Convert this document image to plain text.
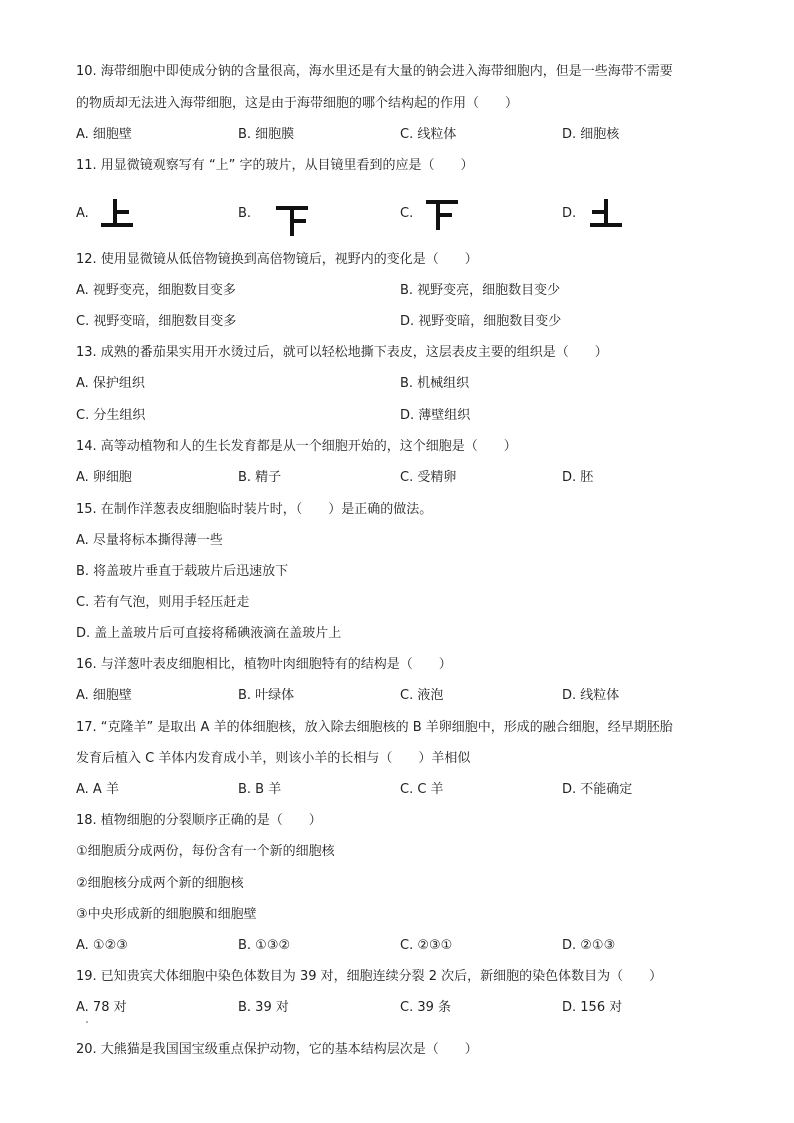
10. 海带细胞中即使成分钠的含量很高，海水里还是有大量的钠会进入海带细胞内，但是一些海带不需要
的物质却无法进入海带细胞，这是由于海带细胞的哪个结构起的作用（　　）
A. 细胞壁	B. 细胞膜	C. 线粒体	D. 细胞核
11. 用显微镜观察写有 “上” 字的玻片，从目镜里看到的应是（　　）
A.	B.	C.	D.
12. 使用显微镜从低倍物镜换到高倍物镜后，视野内的变化是（　　）
A. 视野变亮，细胞数目变多	B. 视野变亮，细胞数目变少
C. 视野变暗，细胞数目变多	D. 视野变暗，细胞数目变少
13. 成熟的番茄果实用开水烫过后，就可以轻松地撕下表皮，这层表皮主要的组织是（　　）
A. 保护组织	B. 机械组织
C. 分生组织	D. 薄壁组织
14. 高等动植物和人的生长发育都是从一个细胞开始的，这个细胞是（　　）
A. 卵细胞	B. 精子	C. 受精卵	D. 胚
15. 在制作洋葱表皮细胞临时装片时，（　　）是正确的做法。
A. 尽量将标本撕得薄一些
B. 将盖玻片垂直于载玻片后迅速放下
C. 若有气泡，则用手轻压赶走
D. 盖上盖玻片后可直接将稀碘液滴在盖玻片上
16. 与洋葱叶表皮细胞相比，植物叶肉细胞特有的结构是（　　）
A. 细胞壁	B. 叶绿体	C. 液泡	D. 线粒体
17. “克隆羊” 是取出 A 羊的体细胞核，放入除去细胞核的 B 羊卵细胞中，形成的融合细胞，经早期胚胎
发育后植入 C 羊体内发育成小羊，则该小羊的长相与（　　）羊相似
A. A 羊	B. B 羊	C. C 羊	D. 不能确定
18. 植物细胞的分裂顺序正确的是（　　）
①细胞质分成两份，每份含有一个新的细胞核
②细胞核分成两个新的细胞核
③中央形成新的细胞膜和细胞壁
A. ①②③	B. ①③②	C. ②③①	D. ②①③
19. 已知贵宾犬体细胞中染色体数目为 39 对，细胞连续分裂 2 次后，新细胞的染色体数目为（　　）
A. 78 对	B. 39 对	C. 39 条	D. 156 对
20. 大熊猫是我国国宝级重点保护动物，它的基本结构层次是（　　）
